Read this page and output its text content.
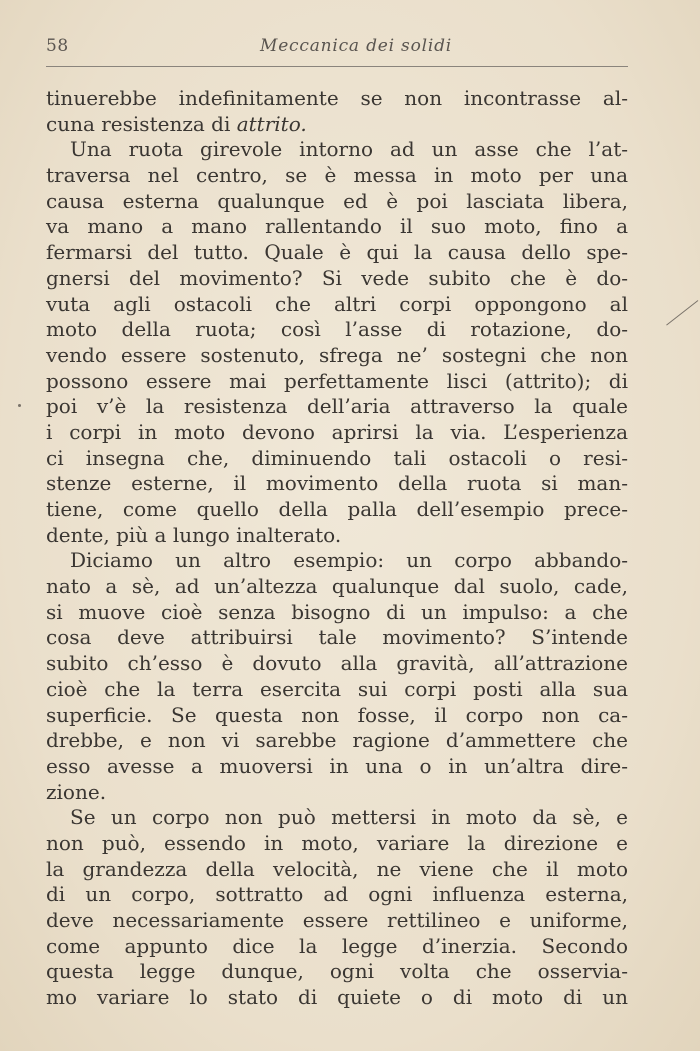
58	Meccanica dei solidi
tinuerebbe indefinitamente se non incontrasse al-
cuna resistenza di attrito.
Una ruota girevole intorno ad un asse che l’at-
traversa nel centro, se è messa in moto per una
causa esterna qualunque ed è poi lasciata libera,
va mano a mano rallentando il suo moto, fino a
fermarsi del tutto. Quale è qui la causa dello spe-
gnersi del movimento? Si vede subito che è do-
vuta agli ostacoli che altri corpi oppongono al
moto della ruota; così l’asse di rotazione, do-
vendo essere sostenuto, sfrega ne’ sostegni che non
possono essere mai perfettamente lisci (attrito); di
poi v’è la resistenza dell’aria attraverso la quale
i corpi in moto devono aprirsi la via. L’esperienza
ci insegna che, diminuendo tali ostacoli o resi-
stenze esterne, il movimento della ruota si man-
tiene, come quello della palla dell’esempio prece-
dente, più a lungo inalterato.
Diciamo un altro esempio: un corpo abbando-
nato a sè, ad un’altezza qualunque dal suolo, cade,
si muove cioè senza bisogno di un impulso: a che
cosa deve attribuirsi tale movimento? S’intende
subito ch’esso è dovuto alla gravità, all’attrazione
cioè che la terra esercita sui corpi posti alla sua
superficie. Se questa non fosse, il corpo non ca-
drebbe, e non vi sarebbe ragione d’ammettere che
esso avesse a muoversi in una o in un’altra dire-
zione.
Se un corpo non può mettersi in moto da sè, e
non può, essendo in moto, variare la direzione e
la grandezza della velocità, ne viene che il moto
di un corpo, sottratto ad ogni influenza esterna,
deve necessariamente essere rettilineo e uniforme,
come appunto dice la legge d’inerzia. Secondo
questa legge dunque, ogni volta che osservia-
mo variare lo stato di quiete o di moto di un
